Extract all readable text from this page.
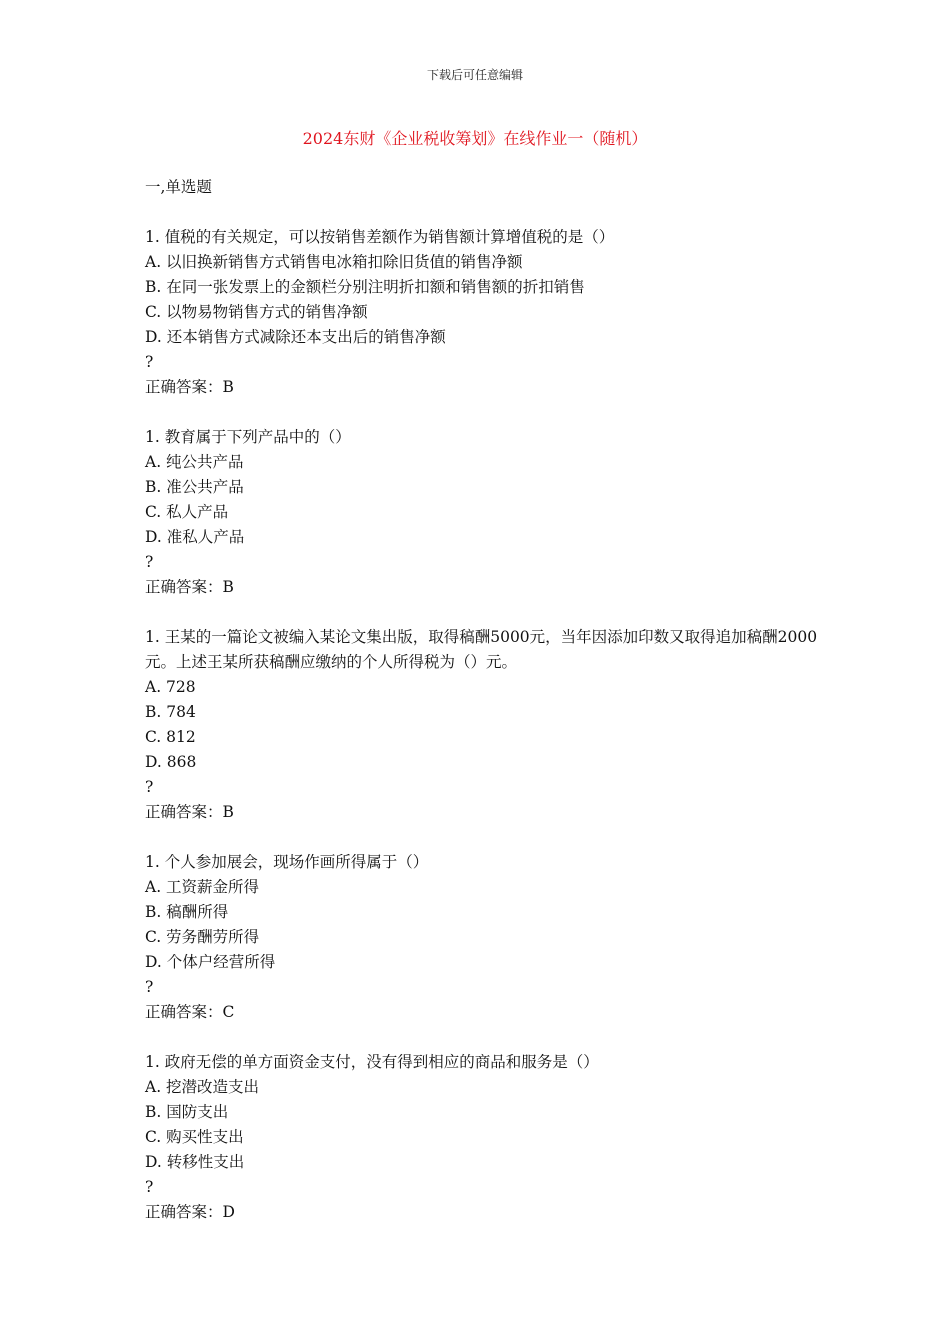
下载后可任意编辑
2024东财《企业税收筹划》在线作业一（随机）
一,单选题
1. 值税的有关规定，可以按销售差额作为销售额计算增值税的是（）
A. 以旧换新销售方式销售电冰箱扣除旧货值的销售净额
B. 在同一张发票上的金额栏分别注明折扣额和销售额的折扣销售
C. 以物易物销售方式的销售净额
D. 还本销售方式减除还本支出后的销售净额
?
正确答案：B
1. 教育属于下列产品中的（）
A. 纯公共产品
B. 准公共产品
C. 私人产品
D. 准私人产品
?
正确答案：B
1. 王某的一篇论文被编入某论文集出版，取得稿酬5000元，当年因添加印数又取得追加稿酬2000元。上述王某所获稿酬应缴纳的个人所得税为（）元。
A. 728
B. 784
C. 812
D. 868
?
正确答案：B
1. 个人参加展会，现场作画所得属于（）
A. 工资薪金所得
B. 稿酬所得
C. 劳务酬劳所得
D. 个体户经营所得
?
正确答案：C
1. 政府无偿的单方面资金支付，没有得到相应的商品和服务是（）
A. 挖潜改造支出
B. 国防支出
C. 购买性支出
D. 转移性支出
?
正确答案：D
